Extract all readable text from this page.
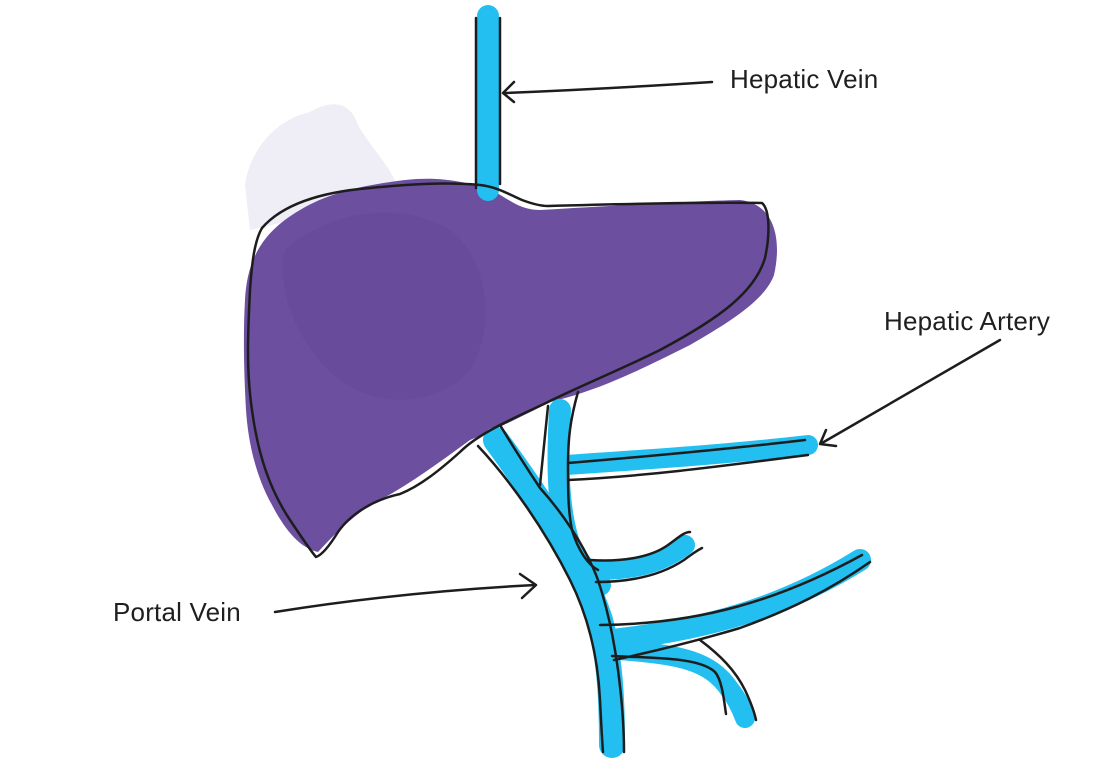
Hepatic Vein
Hepatic Artery
Portal Vein
